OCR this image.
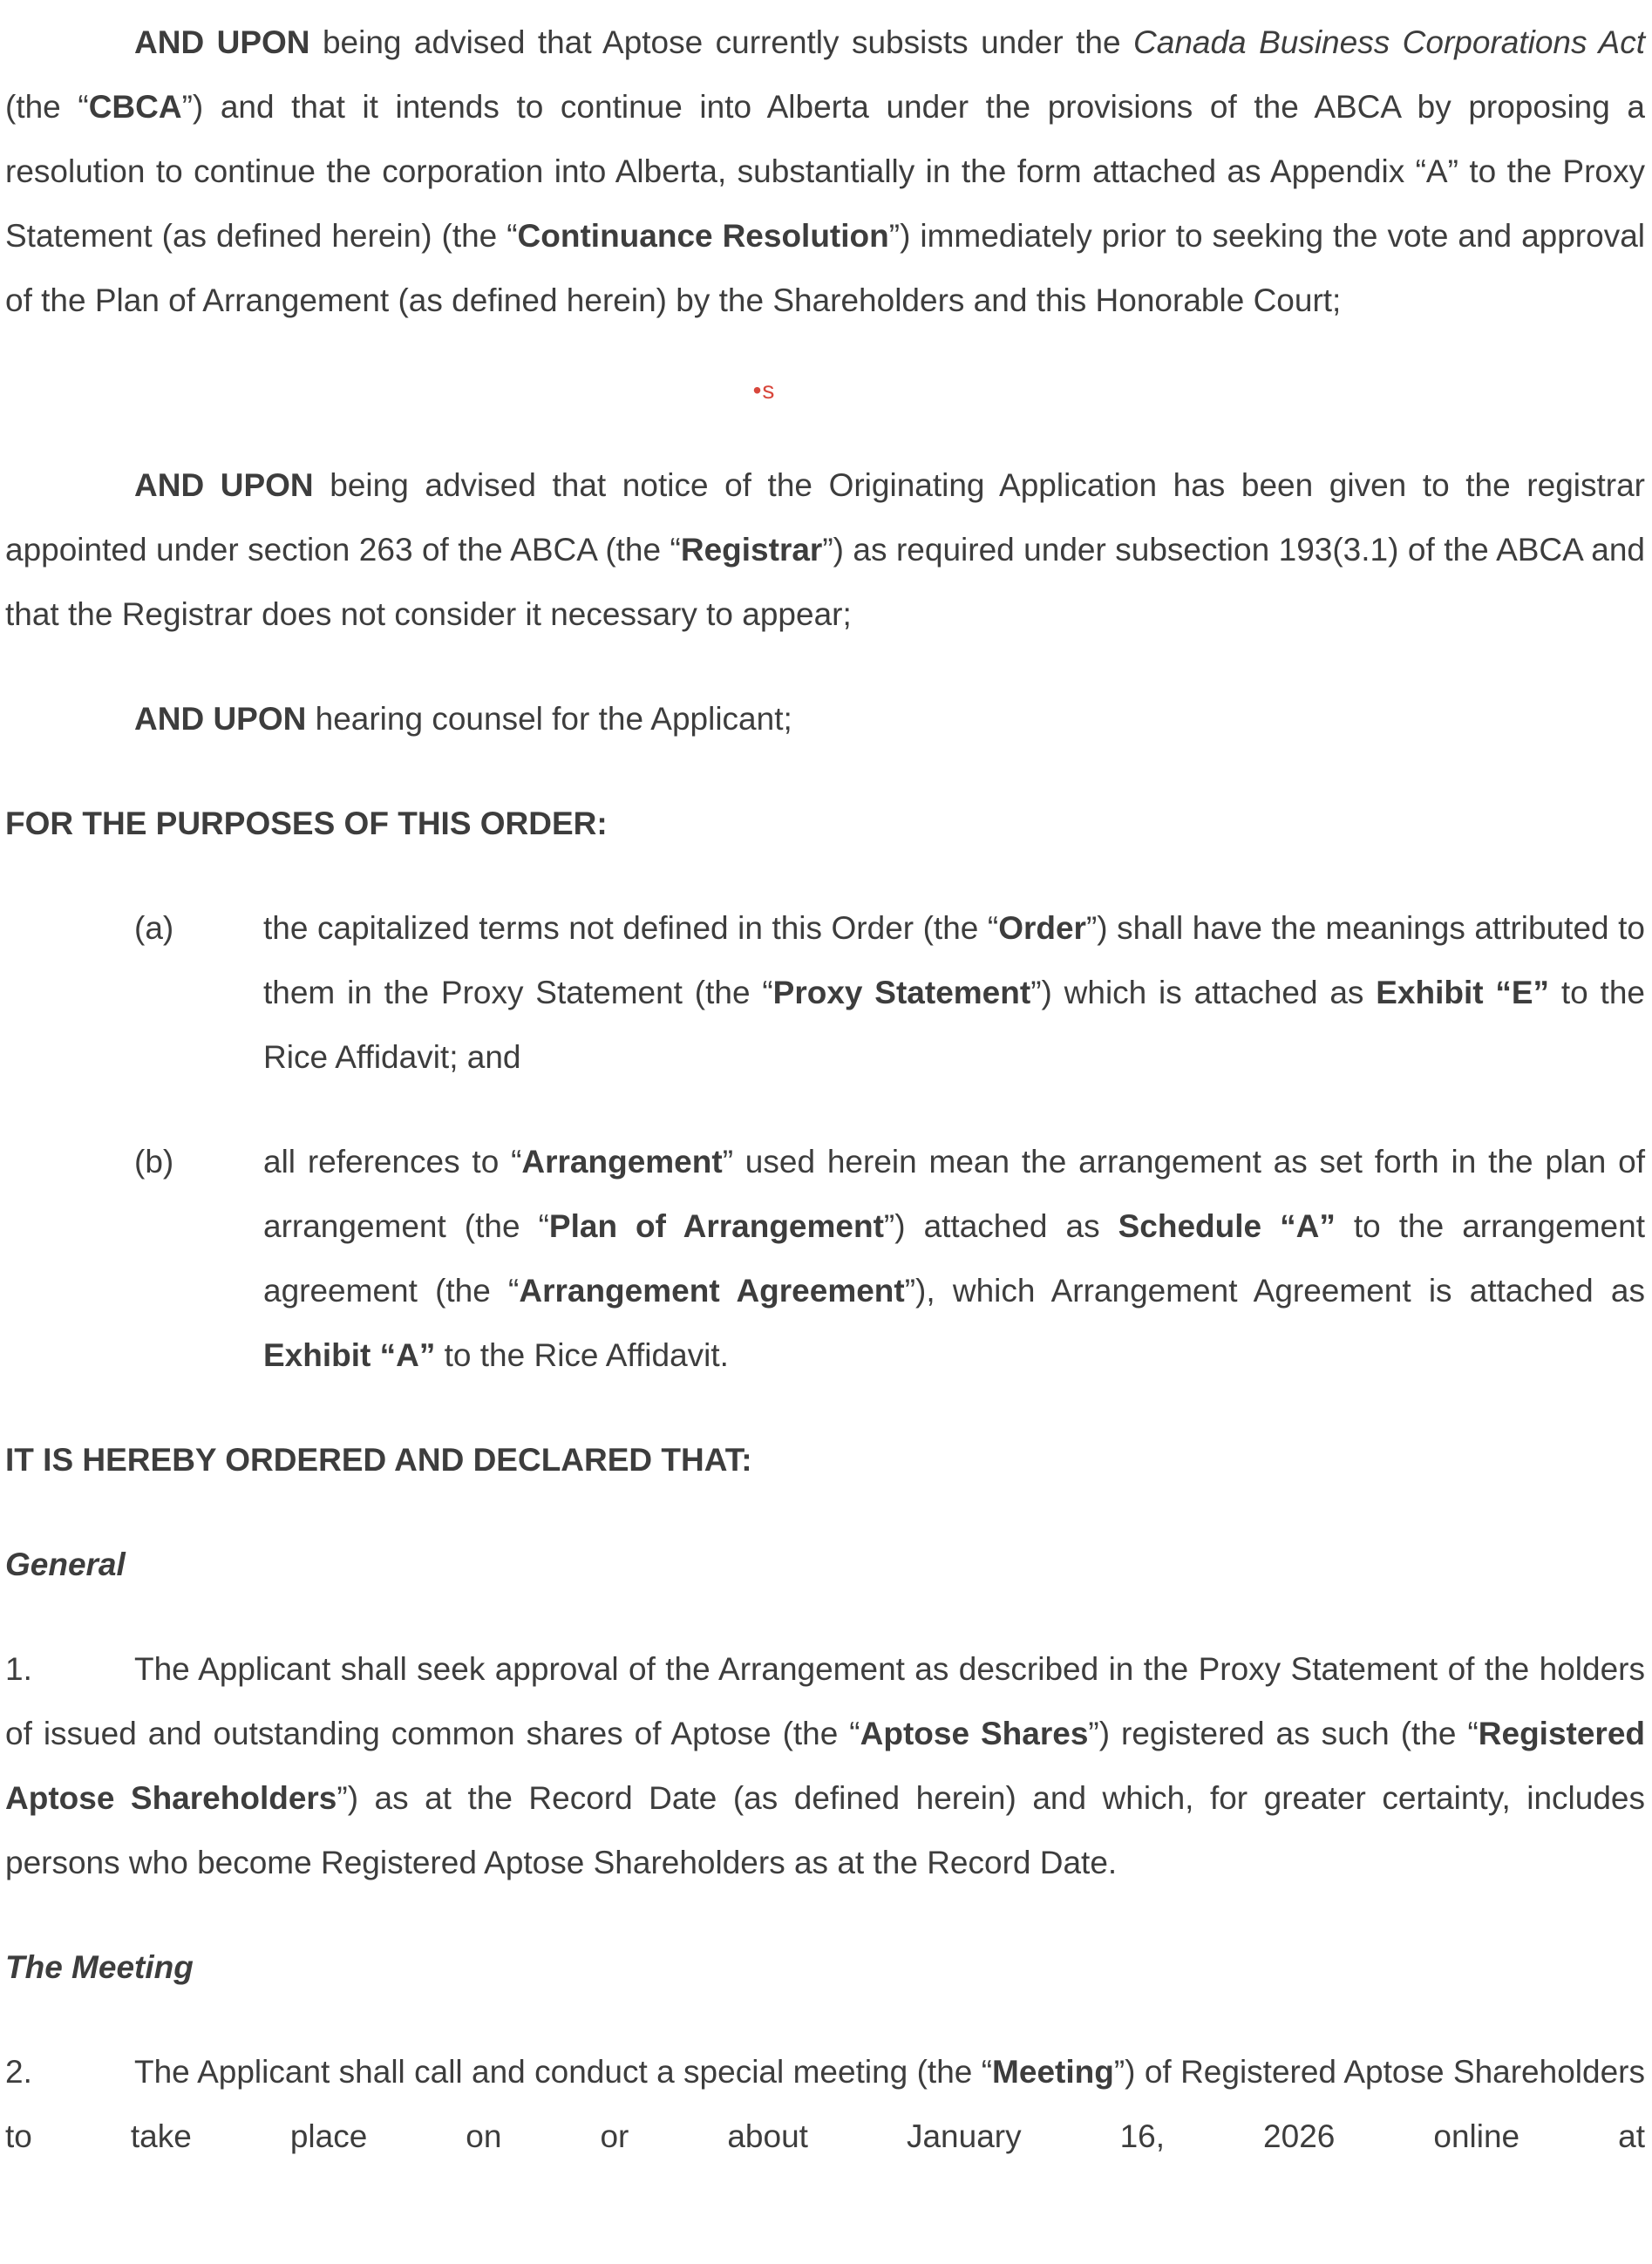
AND UPON being advised that Aptose currently subsists under the Canada Business Corporations Act (the “CBCA”) and that it intends to continue into Alberta under the provisions of the ABCA by proposing a resolution to continue the corporation into Alberta, substantially in the form attached as Appendix “A” to the Proxy Statement (as defined herein) (the “Continuance Resolution”) immediately prior to seeking the vote and approval of the Plan of Arrangement (as defined herein) by the Shareholders and this Honorable Court;

•s

AND UPON being advised that notice of the Originating Application has been given to the registrar appointed under section 263 of the ABCA (the “Registrar”) as required under subsection 193(3.1) of the ABCA and that the Registrar does not consider it necessary to appear;

AND UPON hearing counsel for the Applicant;

FOR THE PURPOSES OF THIS ORDER:

(a)	the capitalized terms not defined in this Order (the “Order”) shall have the meanings attributed to them in the Proxy Statement (the “Proxy Statement”) which is attached as Exhibit “E” to the Rice Affidavit; and
(b)	all references to “Arrangement” used herein mean the arrangement as set forth in the plan of arrangement (the “Plan of Arrangement”) attached as Schedule “A” to the arrangement agreement (the “Arrangement Agreement”), which Arrangement Agreement is attached as Exhibit “A” to the Rice Affidavit.

IT IS HEREBY ORDERED AND DECLARED THAT:

General

1.	The Applicant shall seek approval of the Arrangement as described in the Proxy Statement of the holders of issued and outstanding common shares of Aptose (the “Aptose Shares”) registered as such (the “Registered Aptose Shareholders”) as at the Record Date (as defined herein) and which, for greater certainty, includes persons who become Registered Aptose Shareholders as at the Record Date.

The Meeting

2.	The Applicant shall call and conduct a special meeting (the “Meeting”) of Registered Aptose Shareholders to take place on or about January 16, 2026 online at
